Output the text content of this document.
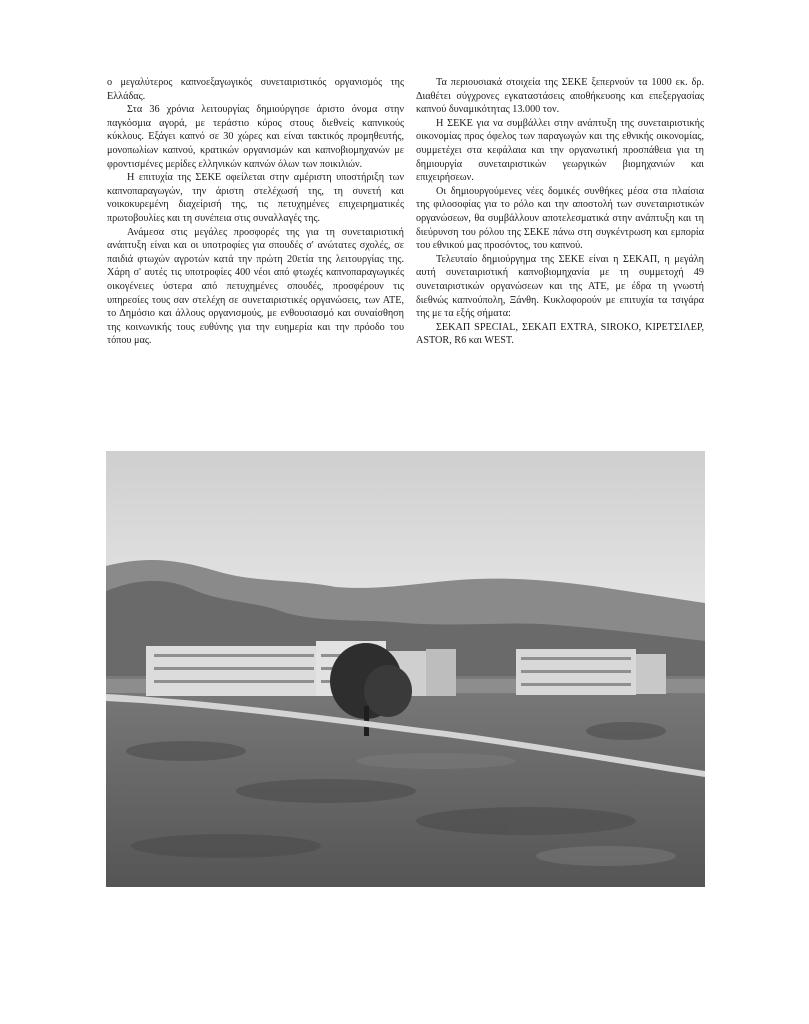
ο μεγαλύτερος καπνοεξαγωγικός συνεταιριστικός οργανισμός της Ελλάδας.

Στα 36 χρόνια λειτουργίας δημιούργησε άριστο όνομα στην παγκόσμια αγορά, με τεράστιο κύρος στους διεθνείς καπνικούς κύκλους. Εξάγει καπνό σε 30 χώρες και είναι τακτικός προμηθευτής, μονοπωλίων καπνού, κρατικών οργανισμών και καπνοβιομηχανών με φροντισμένες μερίδες ελληνικών καπνών όλων των ποικιλιών.

Η επιτυχία της ΣΕΚΕ οφείλεται στην αμέριστη υποστήριξη των καπνοπαραγωγών, την άριστη στελέχωσή της, τη συνετή και νοικοκυρεμένη διαχείρισή της, τις πετυχημένες επιχειρηματικές πρωτοβουλίες και τη συνέπεια στις συναλλαγές της.

Ανάμεσα στις μεγάλες προσφορές της για τη συνεταιριστική ανάπτυξη είναι και οι υποτροφίες για σπουδές σ' ανώτατες σχολές, σε παιδιά φτωχών αγροτών κατά την πρώτη 20ετία της λειτουργίας της. Χάρη σ' αυτές τις υποτροφίες 400 νέοι από φτωχές καπνοπαραγωγικές οικογένειες ύστερα από πετυχημένες σπουδές, προσφέρουν τις υπηρεσίες τους σαν στελέχη σε συνεταιριστικές οργανώσεις, των ΑΤΕ, το Δημόσιο και άλλους οργανισμούς, με ενθουσιασμό και συναίσθηση της κοινωνικής τους ευθύνης για την ευημερία και την πρόοδο του τόπου μας.

Τα περιουσιακά στοιχεία της ΣΕΚΕ ξεπερνούν τα 1000 εκ. δρ. Διαθέτει σύγχρονες εγκαταστάσεις αποθήκευσης και επεξεργασίας καπνού δυναμικότητας 13.000 τον.

Η ΣΕΚΕ για να συμβάλλει στην ανάπτυξη της συνεταιριστικής οικονομίας προς όφελος των παραγωγών και της εθνικής οικονομίας, συμμετέχει στα κεφάλαια και την οργανωτική προσπάθεια για τη δημιουργία συνεταιριστικών γεωργικών βιομηχανιών και επιχειρήσεων.

Οι δημιουργούμενες νέες δομικές συνθήκες μέσα στα πλαίσια της φιλοσοφίας για το ρόλο και την αποστολή των συνεταιριστικών οργανώσεων, θα συμβάλλουν αποτελεσματικά στην ανάπτυξη και τη διεύρυνση του ρόλου της ΣΕΚΕ πάνω στη συγκέντρωση και εμπορία του εθνικού μας προσόντος, του καπνού.

Τελευταίο δημιούργημα της ΣΕΚΕ είναι η ΣΕΚΑΠ, η μεγάλη αυτή συνεταιριστική καπνοβιομηχανία με τη συμμετοχή 49 συνεταιριστικών οργανώσεων και της ΑΤΕ, με έδρα τη γνωστή διεθνώς καπνούπολη, Ξάνθη. Κυκλοφορούν με επιτυχία τα τσιγάρα της με τα εξής σήματα:

ΣΕΚΑΠ SPECIAL, ΣΕΚΑΠ EXTRA, SIROKO, ΚΙΡΕΤΣΙΛΕΡ, ASTOR, R6 και WEST.
